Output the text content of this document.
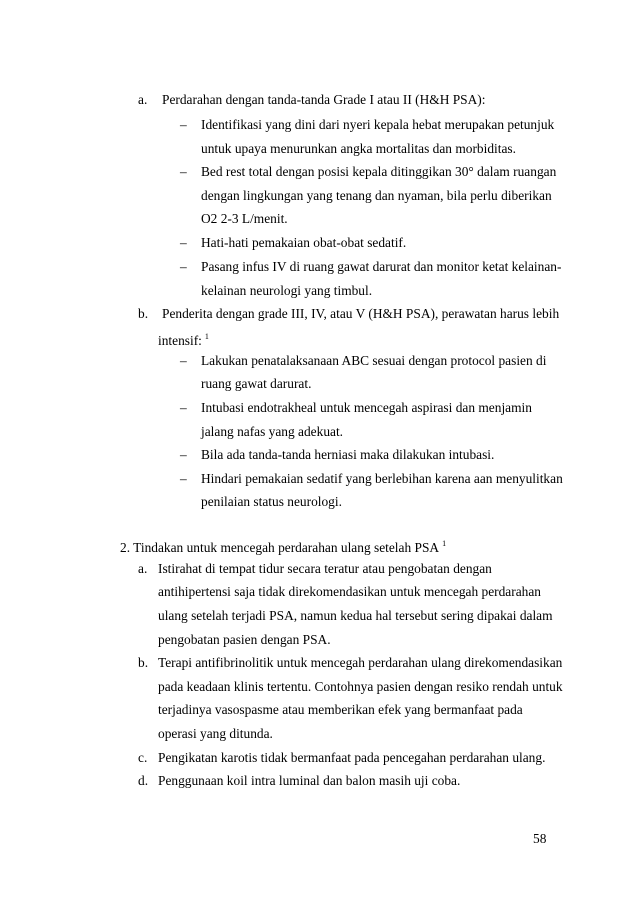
a. Perdarahan dengan tanda-tanda Grade I atau II (H&H PSA):
– Identifikasi yang dini dari nyeri kepala hebat merupakan petunjuk
untuk upaya menurunkan angka mortalitas dan morbiditas.
– Bed rest total dengan posisi kepala ditinggikan 30° dalam ruangan
dengan lingkungan yang tenang dan nyaman, bila perlu diberikan
O2 2-3 L/menit.
– Hati-hati pemakaian obat-obat sedatif.
– Pasang infus IV di ruang gawat darurat dan monitor ketat kelainan-
kelainan neurologi yang timbul.
b. Penderita dengan grade III, IV, atau V (H&H PSA), perawatan harus lebih
intensif: $^1$
– Lakukan penatalaksanaan ABC sesuai dengan protocol pasien di
ruang gawat darurat.
– Intubasi endotrakheal untuk mencegah aspirasi dan menjamin
jalang nafas yang adekuat.
– Bila ada tanda-tanda herniasi maka dilakukan intubasi.
– Hindari pemakaian sedatif yang berlebihan karena aan menyulitkan
penilaian status neurologi.
2. Tindakan untuk mencegah perdarahan ulang setelah PSA $^1$
a. Istirahat di tempat tidur secara teratur atau pengobatan dengan
antihipertensi saja tidak direkomendasikan untuk mencegah perdarahan
ulang setelah terjadi PSA, namun kedua hal tersebut sering dipakai dalam
pengobatan pasien dengan PSA.
b. Terapi antifibrinolitik untuk mencegah perdarahan ulang direkomendasikan
pada keadaan klinis tertentu. Contohnya pasien dengan resiko rendah untuk
terjadinya vasospasme atau memberikan efek yang bermanfaat pada
operasi yang ditunda.
c. Pengikatan karotis tidak bermanfaat pada pencegahan perdarahan ulang.
d. Penggunaan koil intra luminal dan balon masih uji coba.
58
